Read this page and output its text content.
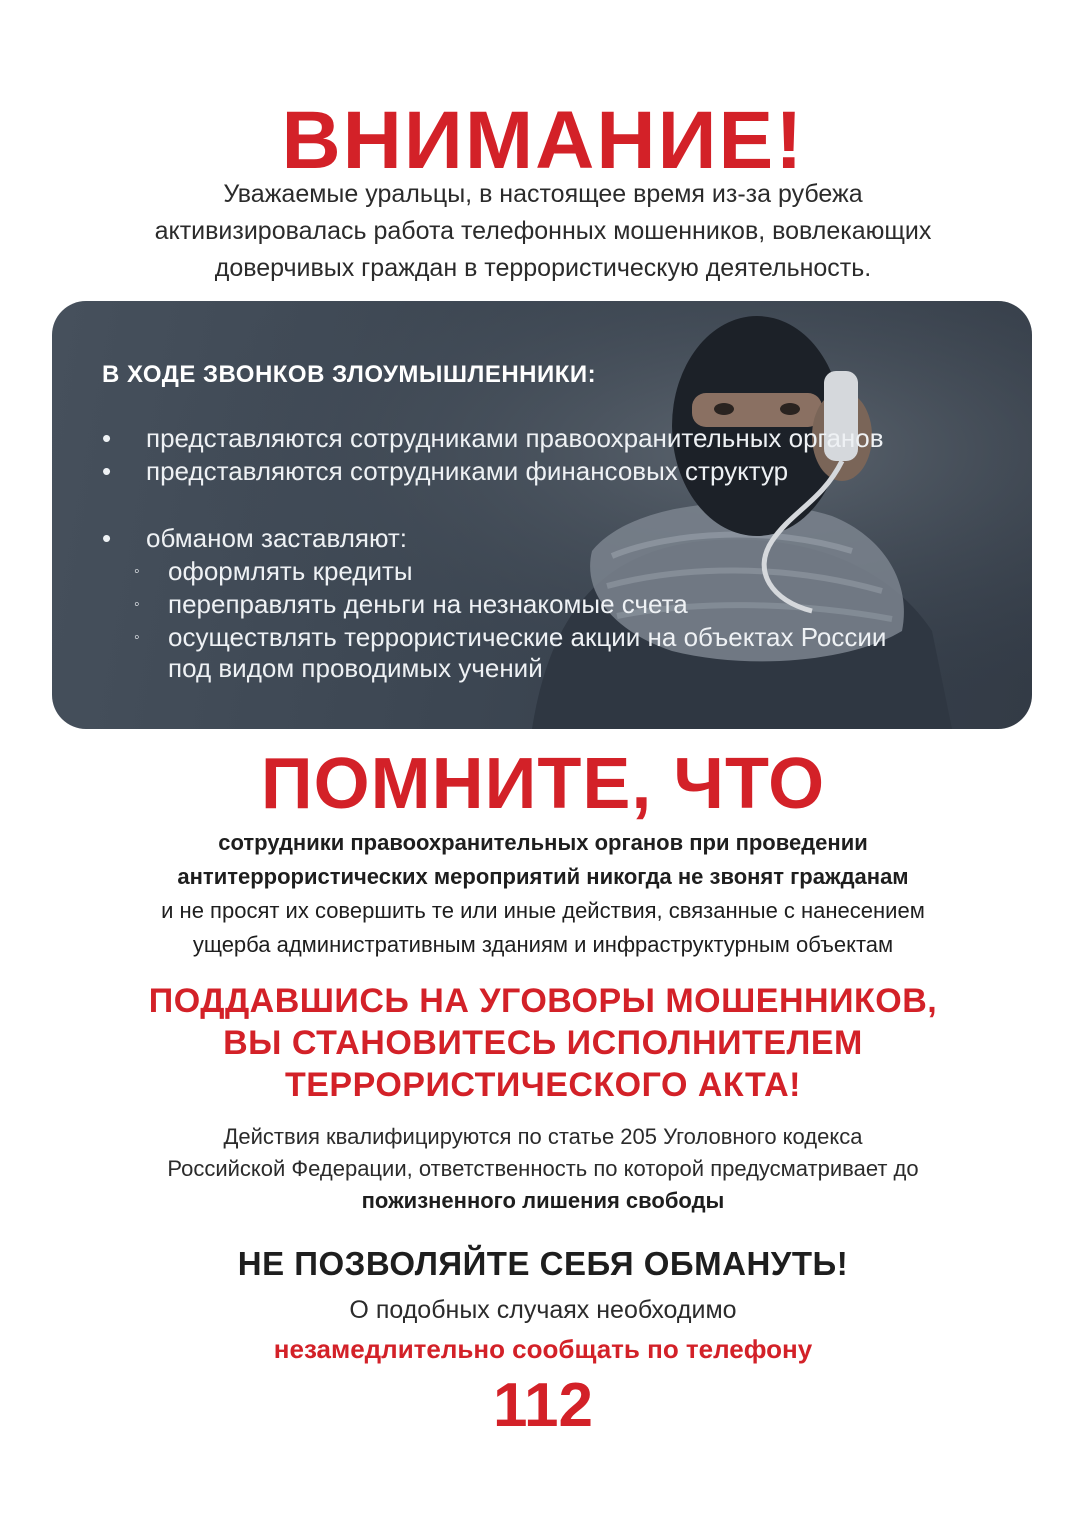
ВНИМАНИЕ!
Уважаемые уральцы, в настоящее время из-за рубежа
активизировалась работа телефонных мошенников, вовлекающих
доверчивых граждан в террористическую деятельность.
В ХОДЕ ЗВОНКОВ ЗЛОУМЫШЛЕННИКИ:
• представляются сотрудниками правоохранительных органов
• представляются сотрудниками финансовых структур
• обманом заставляют:
◦ оформлять кредиты
◦ переправлять деньги на незнакомые счета
◦ осуществлять террористические акции на объектах России
под видом проводимых учений
ПОМНИТЕ, ЧТО
сотрудники правоохранительных органов при проведении
антитеррористических мероприятий никогда не звонят гражданам
и не просят их совершить те или иные действия, связанные с нанесением
ущерба административным зданиям и инфраструктурным объектам
ПОДДАВШИСЬ НА УГОВОРЫ МОШЕННИКОВ,
ВЫ СТАНОВИТЕСЬ ИСПОЛНИТЕЛЕМ
ТЕРРОРИСТИЧЕСКОГО АКТА!
Действия квалифицируются по статье 205 Уголовного кодекса
Российской Федерации, ответственность по которой предусматривает до
пожизненного лишения свободы
НЕ ПОЗВОЛЯЙТЕ СЕБЯ ОБМАНУТЬ!
О подобных случаях необходимо
незамедлительно сообщать по телефону
112
